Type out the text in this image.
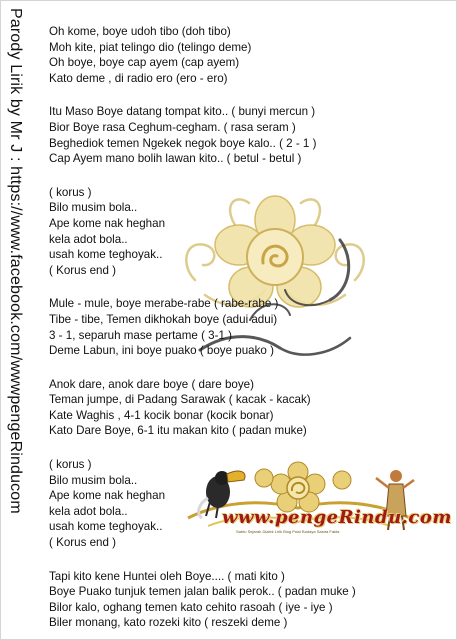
www.pengeRindu.com
Sabtu Sejarah Dialek Lirik Blog Puisi Budaya Sastra Fakta
Parody Lirik by Mr J : https://www.facebook.com/wwwpengeRinducom Oh kome, boye udoh tibo (doh tibo)
Moh kite, piat telingo dio (telingo deme)
Oh boye, boye cap ayem (cap ayem)
Kato deme , di radio ero (ero - ero)
Itu Maso Boye datang tompat kito.. ( bunyi mercun )
Bior Boye rasa Ceghum-cegham. ( rasa seram )
Beghediok temen Ngekek negok boye kalo.. ( 2 - 1 )
Cap Ayem mano bolih lawan kito.. ( betul - betul )
( korus )
Bilo musim bola..
Ape kome nak heghan
kela adot bola..
usah kome teghoyak..
( Korus end )
Mule - mule, boye merabe-rabe ( rabe-rabe )
Tibe - tibe, Temen dikhokah boye (adui adui)
3 - 1, separuh mase pertame ( 3-1 )
Deme Labun, ini boye puako ( boye puako )
Anok dare, anok dare boye ( dare boye)
Teman jumpe, di Padang Sarawak ( kacak - kacak)
Kate Waghis , 4-1 kocik bonar (kocik bonar)
Kato Dare Boye, 6-1 itu makan kito ( padan muke)
( korus )
Bilo musim bola..
Ape kome nak heghan
kela adot bola..
usah kome teghoyak..
( Korus end )
Tapi kito kene Huntei oleh Boye.... ( mati kito )
Boye Puako tunjuk temen jalan balik perok.. ( padan muke )
Bilor kalo, oghang temen kato cehito rasoah ( iye - iye )
Biler monang, kato rozeki kito ( reszeki deme )
